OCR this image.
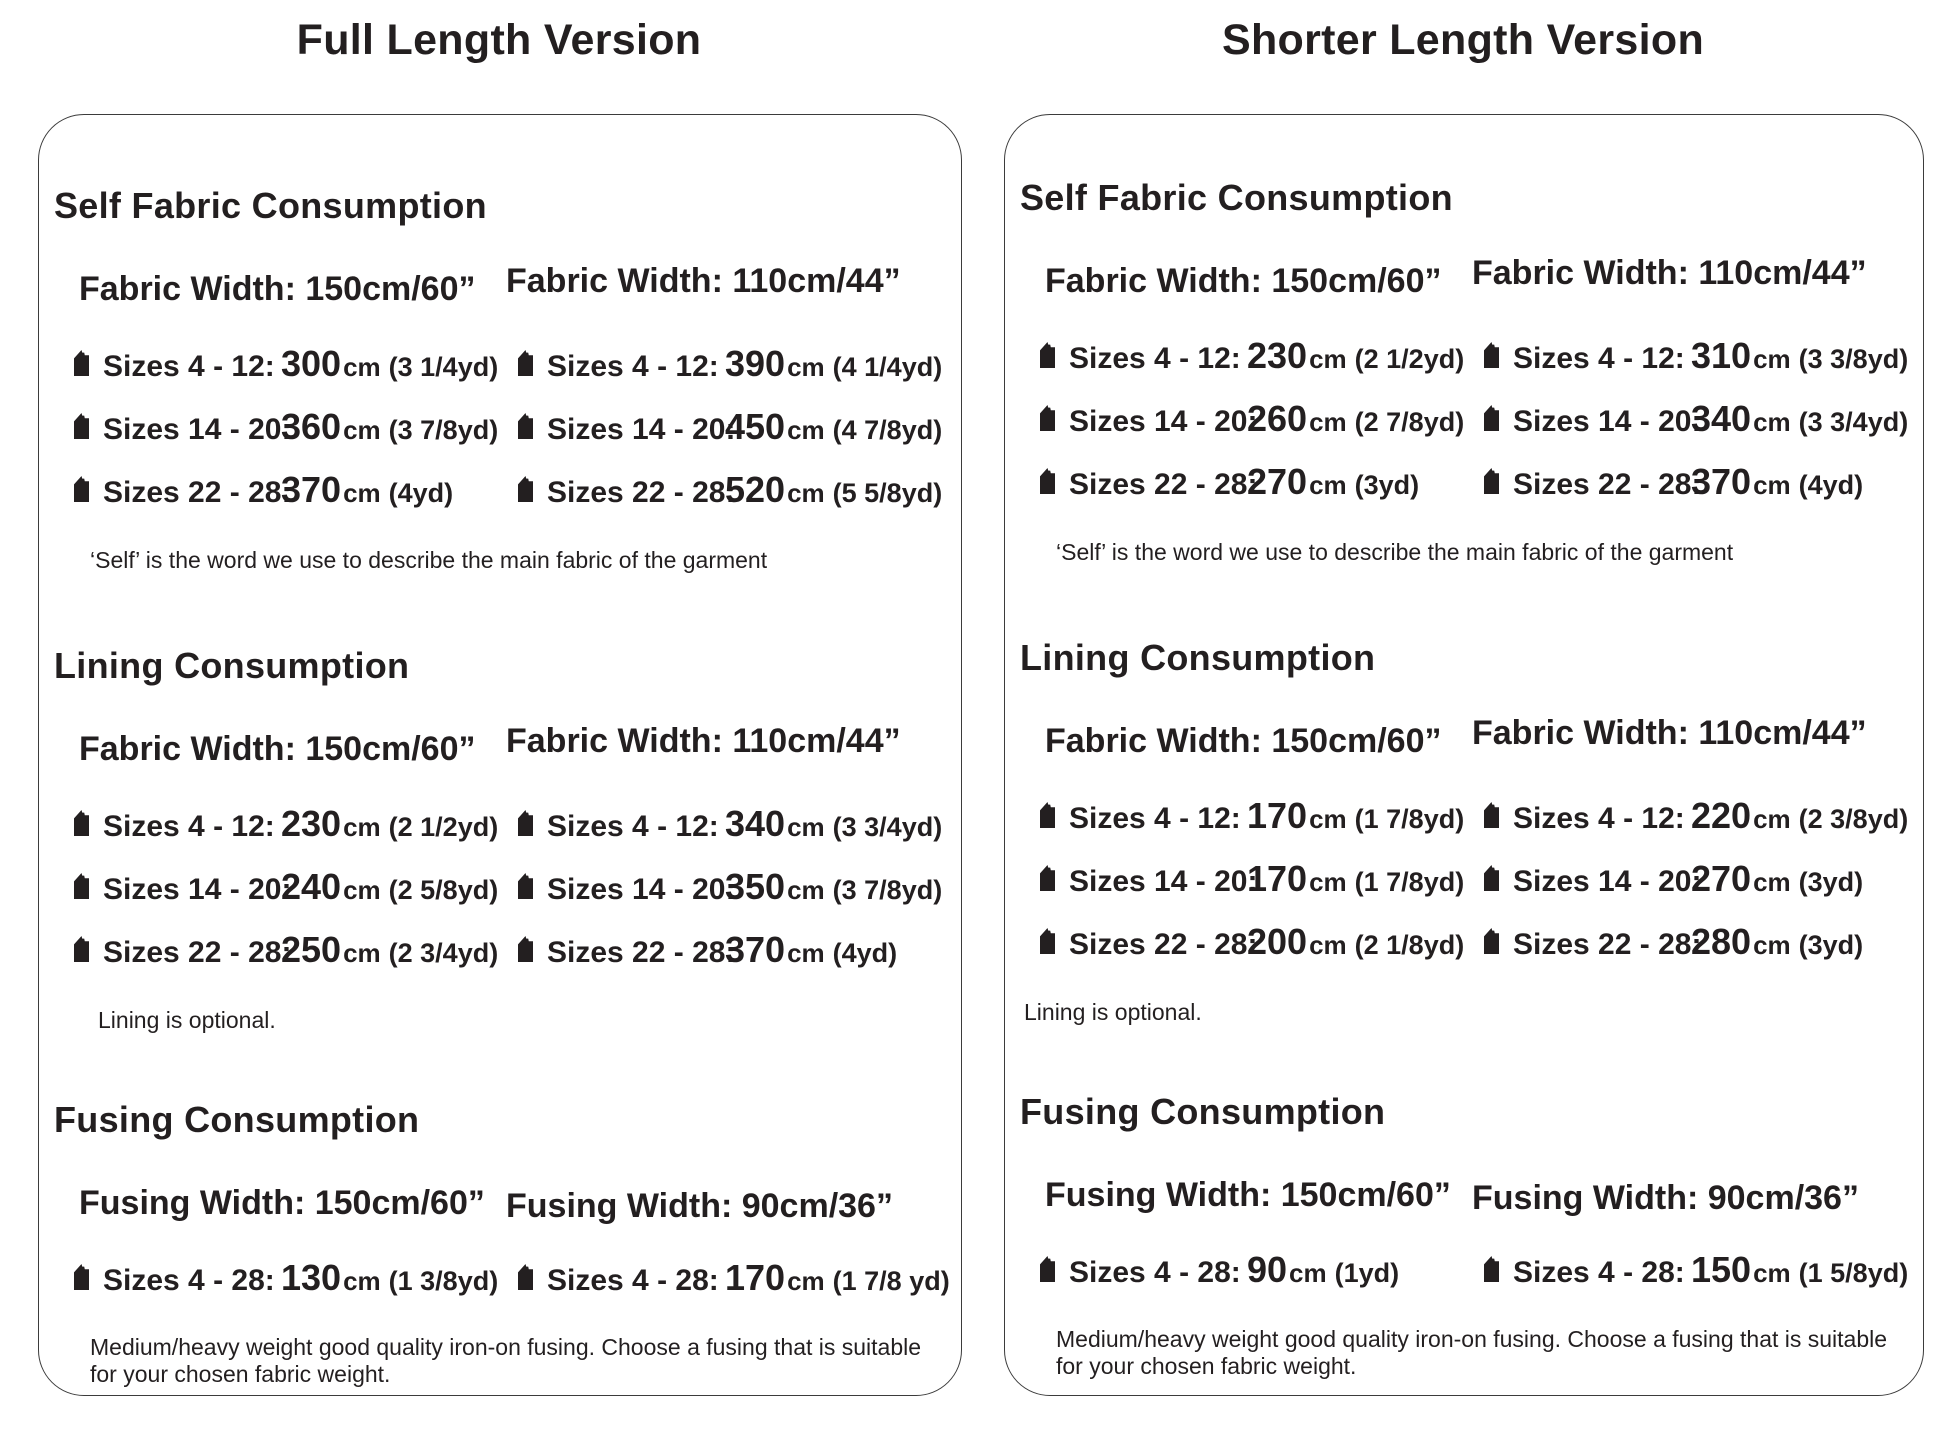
Full Length Version	Shorter Length Version
Self Fabric Consumption
Fabric Width: 150cm/60”
Sizes 4 - 12: 300cm (3 1/4yd)
Sizes 14 - 20:360cm (3 7/8yd)
Sizes 22 - 28:370cm (4yd)
Fabric Width: 110cm/44”
Sizes 4 - 12: 390cm (4 1/4yd)
Sizes 14 - 20:450cm (4 7/8yd)
Sizes 22 - 28:520cm (5 5/8yd)
‘Self’ is the word we use to describe the main fabric of the garment
Lining Consumption
Fabric Width: 150cm/60”
Sizes 4 - 12: 230cm (2 1/2yd)
Sizes 14 - 20:240cm (2 5/8yd)
Sizes 22 - 28:250cm (2 3/4yd)
Fabric Width: 110cm/44”
Sizes 4 - 12: 340cm (3 3/4yd)
Sizes 14 - 20:350cm (3 7/8yd)
Sizes 22 - 28:370cm (4yd)
Lining is optional.
Fusing Consumption
Fusing Width: 150cm/60”
Sizes 4 - 28: 130cm (1 3/8yd)
Fusing Width: 90cm/36”
Sizes 4 - 28: 170cm (1 7/8 yd)
Medium/heavy weight good quality iron-on fusing. Choose a fusing that is suitable
for your chosen fabric weight.
Self Fabric Consumption
Fabric Width: 150cm/60”
Sizes 4 - 12: 230cm (2 1/2yd)
Sizes 14 - 20:260cm (2 7/8yd)
Sizes 22 - 28:270cm (3yd)
Fabric Width: 110cm/44”
Sizes 4 - 12: 310cm (3 3/8yd)
Sizes 14 - 20:340cm (3 3/4yd)
Sizes 22 - 28:370cm (4yd)
‘Self’ is the word we use to describe the main fabric of the garment
Lining Consumption
Fabric Width: 150cm/60”
Sizes 4 - 12: 170cm (1 7/8yd)
Sizes 14 - 20:170cm (1 7/8yd)
Sizes 22 - 28:200cm (2 1/8yd)
Fabric Width: 110cm/44”
Sizes 4 - 12: 220cm (2 3/8yd)
Sizes 14 - 20:270cm (3yd)
Sizes 22 - 28:280cm (3yd)
Lining is optional.
Fusing Consumption
Fusing Width: 150cm/60”
Sizes 4 - 28: 90cm (1yd)
Fusing Width: 90cm/36”
Sizes 4 - 28: 150cm (1 5/8yd)
Medium/heavy weight good quality iron-on fusing. Choose a fusing that is suitable
for your chosen fabric weight.
